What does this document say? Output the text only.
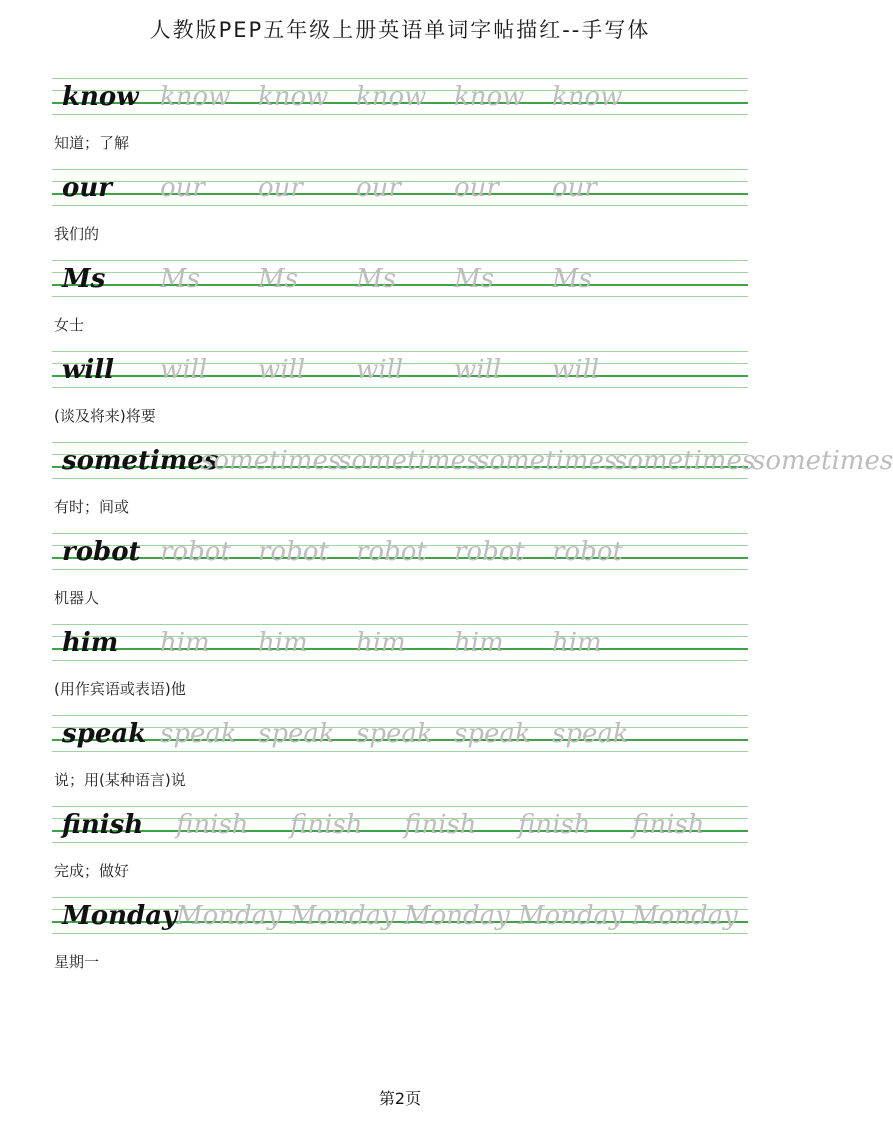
人教版PEP五年级上册英语单词字帖描红--手写体
know know know know know know
知道；了解
our our our our our our
我们的
Ms Ms Ms Ms Ms Ms
女士
will will will will will will
(谈及将来)将要
sometimes
sometimes
sometimes
sometimes
sometimes
sometimes
有时；间或
robot robot robot robot robot robot
机器人
him him him him him him
(用作宾语或表语)他
speak speak speak speak speak speak
说；用(某种语言)说
finish finish finish finish finish finish
完成；做好
Monday
Monday Monday Monday Monday Monday
星期一
第2页
